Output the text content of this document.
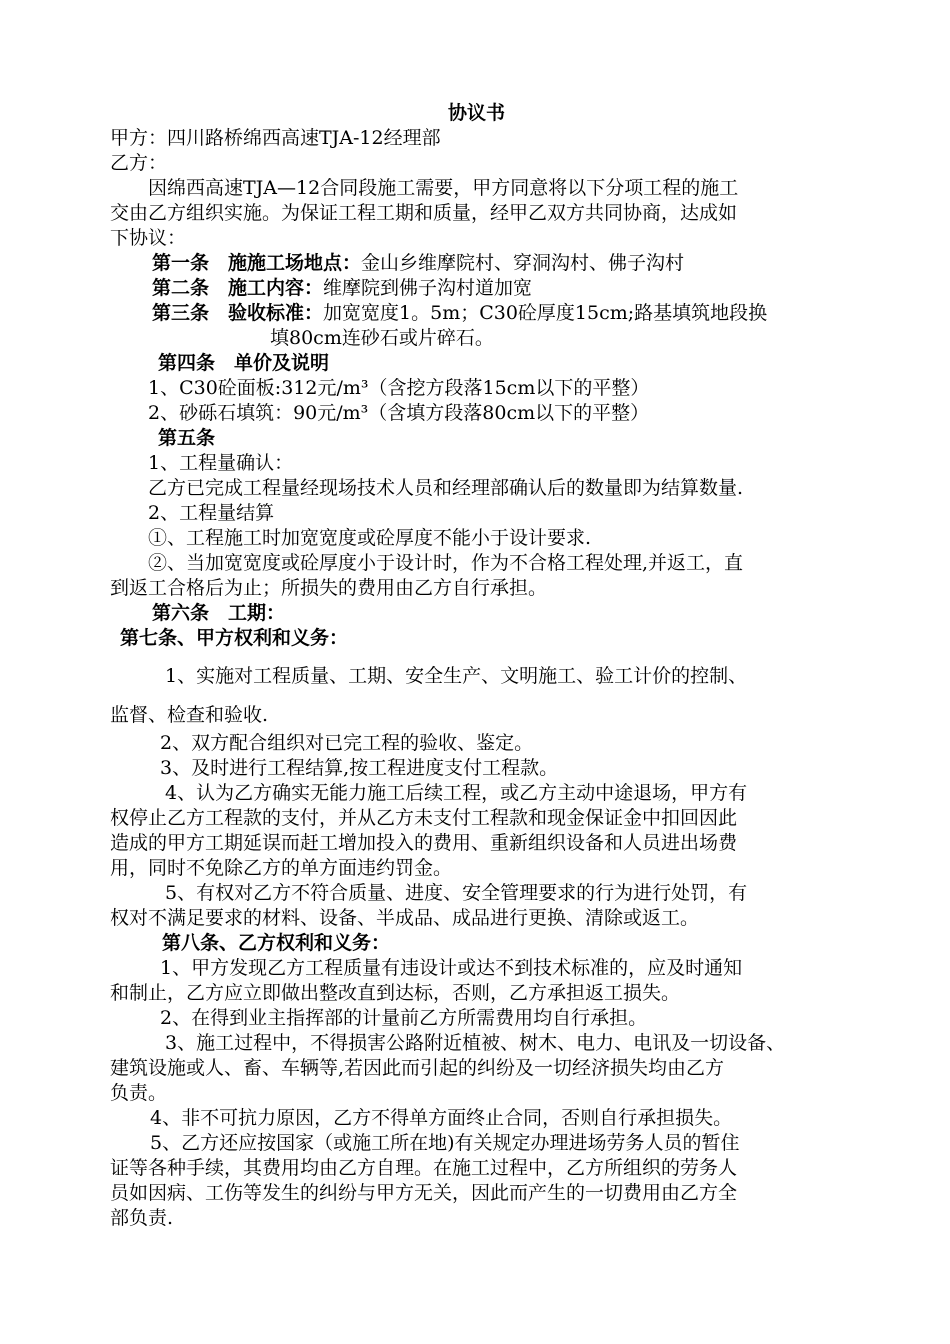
协议书
甲方：四川路桥绵西高速TJA-12经理部
乙方：
因绵西高速TJA—12合同段施工需要，甲方同意将以下分项工程的施工
交由乙方组织实施。为保证工程工期和质量，经甲乙双方共同协商，达成如
下协议：
第一条　施施工场地点：金山乡维摩院村、穿洞沟村、佛子沟村
第二条　施工内容：维摩院到佛子沟村道加宽
第三条　验收标准：加宽宽度1。5m；C30砼厚度15cm;路基填筑地段换
填80cm连砂石或片碎石。
第四条　单价及说明
1、C30砼面板:312元/m³（含挖方段落15cm以下的平整）
2、砂砾石填筑：90元/m³（含填方段落80cm以下的平整）
第五条
1、工程量确认：
乙方已完成工程量经现场技术人员和经理部确认后的数量即为结算数量.
2、工程量结算
①、工程施工时加宽宽度或砼厚度不能小于设计要求.
②、当加宽宽度或砼厚度小于设计时，作为不合格工程处理,并返工，直
到返工合格后为止；所损失的费用由乙方自行承担。
第六条　工期：
第七条、甲方权利和义务：
1、实施对工程质量、工期、安全生产、文明施工、验工计价的控制、
监督、检查和验收.
2、双方配合组织对已完工程的验收、鉴定。
3、及时进行工程结算,按工程进度支付工程款。
4、认为乙方确实无能力施工后续工程，或乙方主动中途退场，甲方有
权停止乙方工程款的支付，并从乙方未支付工程款和现金保证金中扣回因此
造成的甲方工期延误而赶工增加投入的费用、重新组织设备和人员进出场费
用，同时不免除乙方的单方面违约罚金。
5、有权对乙方不符合质量、进度、安全管理要求的行为进行处罚，有
权对不满足要求的材料、设备、半成品、成品进行更换、清除或返工。
第八条、乙方权利和义务：
1、甲方发现乙方工程质量有违设计或达不到技术标准的，应及时通知
和制止，乙方应立即做出整改直到达标，否则，乙方承担返工损失。
2、在得到业主指挥部的计量前乙方所需费用均自行承担。
3、施工过程中，不得损害公路附近植被、树木、电力、电讯及一切设备、
建筑设施或人、畜、车辆等,若因此而引起的纠纷及一切经济损失均由乙方
负责。
4、非不可抗力原因，乙方不得单方面终止合同，否则自行承担损失。
5、乙方还应按国家（或施工所在地)有关规定办理进场劳务人员的暂住
证等各种手续，其费用均由乙方自理。在施工过程中，乙方所组织的劳务人
员如因病、工伤等发生的纠纷与甲方无关，因此而产生的一切费用由乙方全
部负责.
